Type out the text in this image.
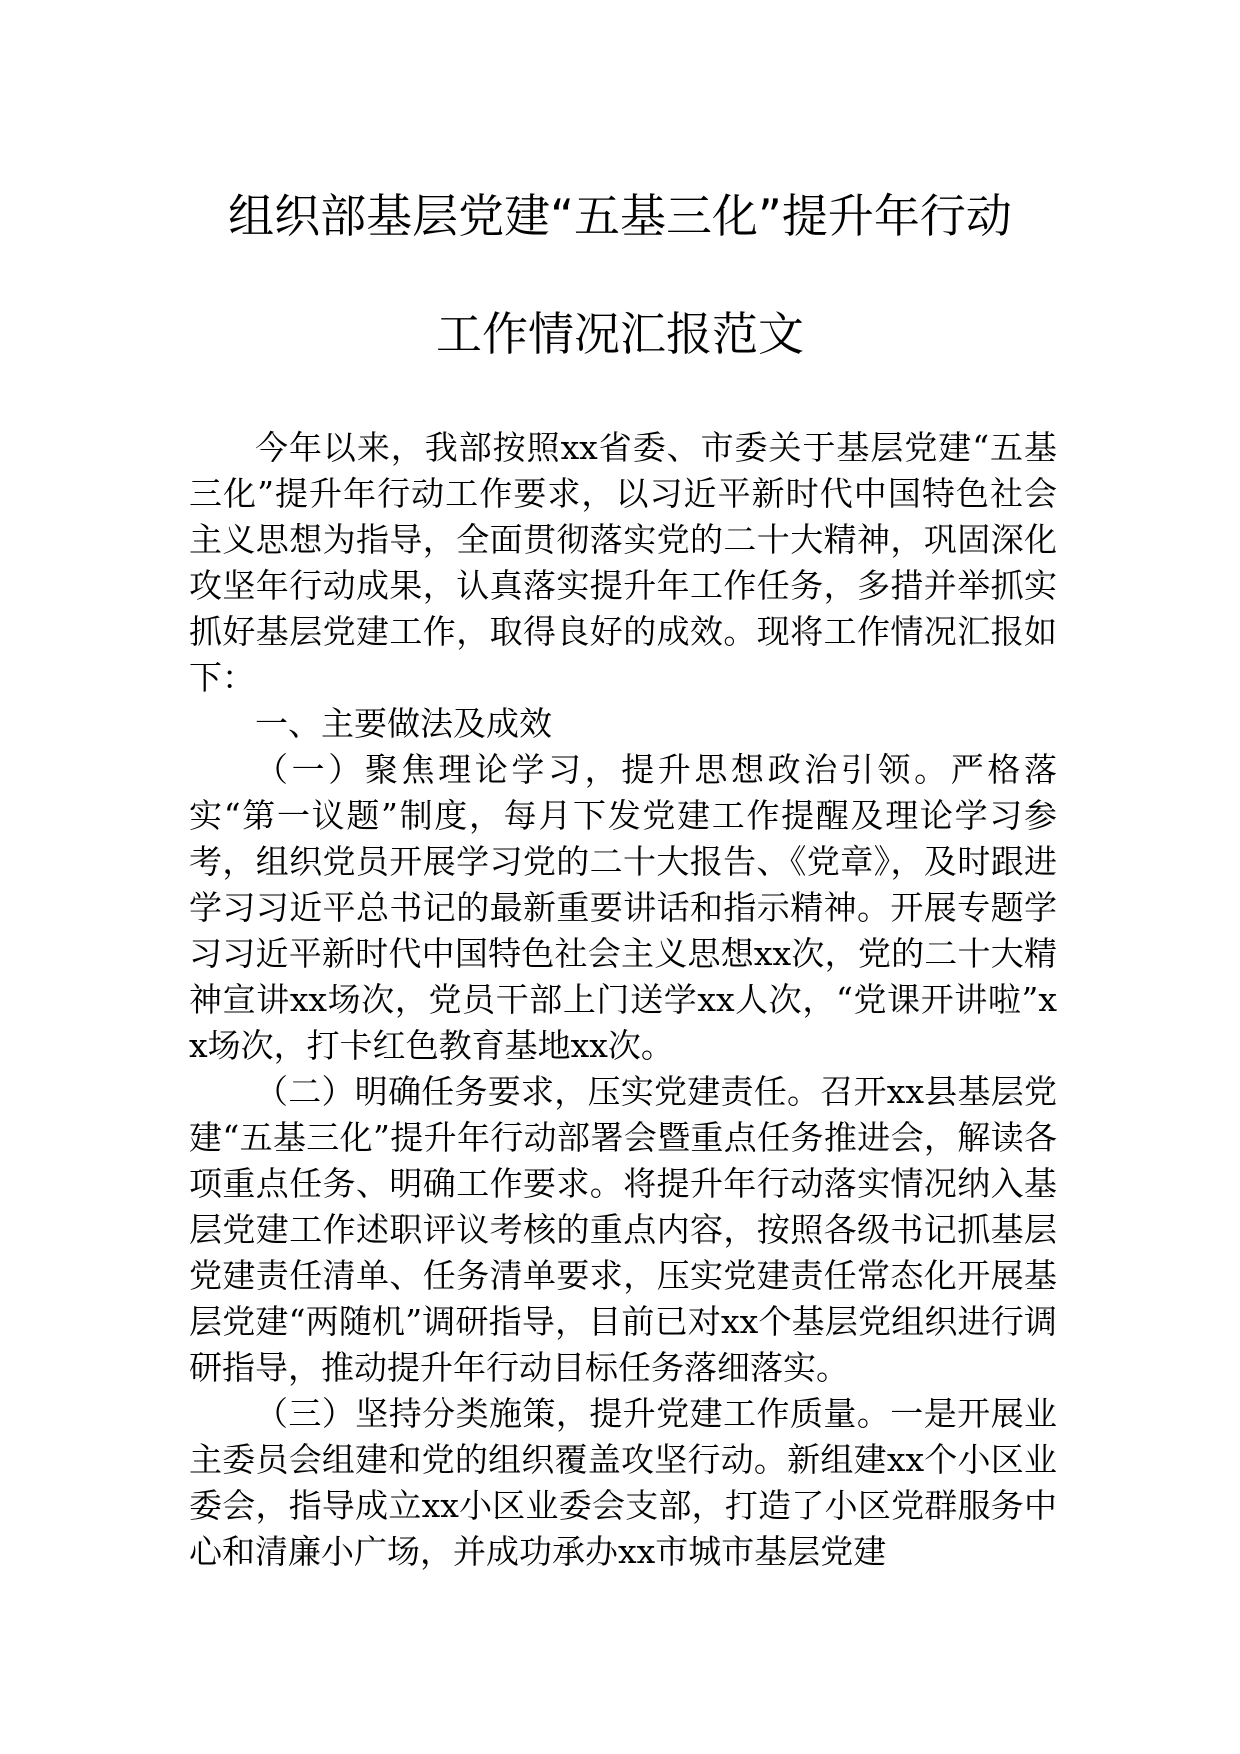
组织部基层党建“五基三化”提升年行动
工作情况汇报范文

今年以来，我部按照xx省委、市委关于基层党建“五基三化”提升年行动工作要求，以习近平新时代中国特色社会主义思想为指导，全面贯彻落实党的二十大精神，巩固深化攻坚年行动成果，认真落实提升年工作任务，多措并举抓实抓好基层党建工作，取得良好的成效。现将工作情况汇报如下：

一、主要做法及成效

（一）聚焦理论学习，提升思想政治引领。严格落实“第一议题”制度，每月下发党建工作提醒及理论学习参考，组织党员开展学习党的二十大报告、《党章》，及时跟进学习习近平总书记的最新重要讲话和指示精神。开展专题学习习近平新时代中国特色社会主义思想xx次，党的二十大精神宣讲xx场次，党员干部上门送学xx人次，“党课开讲啦”xx场次，打卡红色教育基地xx次。

（二）明确任务要求，压实党建责任。召开xx县基层党建“五基三化”提升年行动部署会暨重点任务推进会，解读各项重点任务、明确工作要求。将提升年行动落实情况纳入基层党建工作述职评议考核的重点内容，按照各级书记抓基层党建责任清单、任务清单要求，压实党建责任常态化开展基层党建“两随机”调研指导，目前已对xx个基层党组织进行调研指导，推动提升年行动目标任务落细落实。

（三）坚持分类施策，提升党建工作质量。一是开展业主委员会组建和党的组织覆盖攻坚行动。新组建xx个小区业委会，指导成立xx小区业委会支部，打造了小区党群服务中心和清廉小广场，并成功承办xx市城市基层党建
